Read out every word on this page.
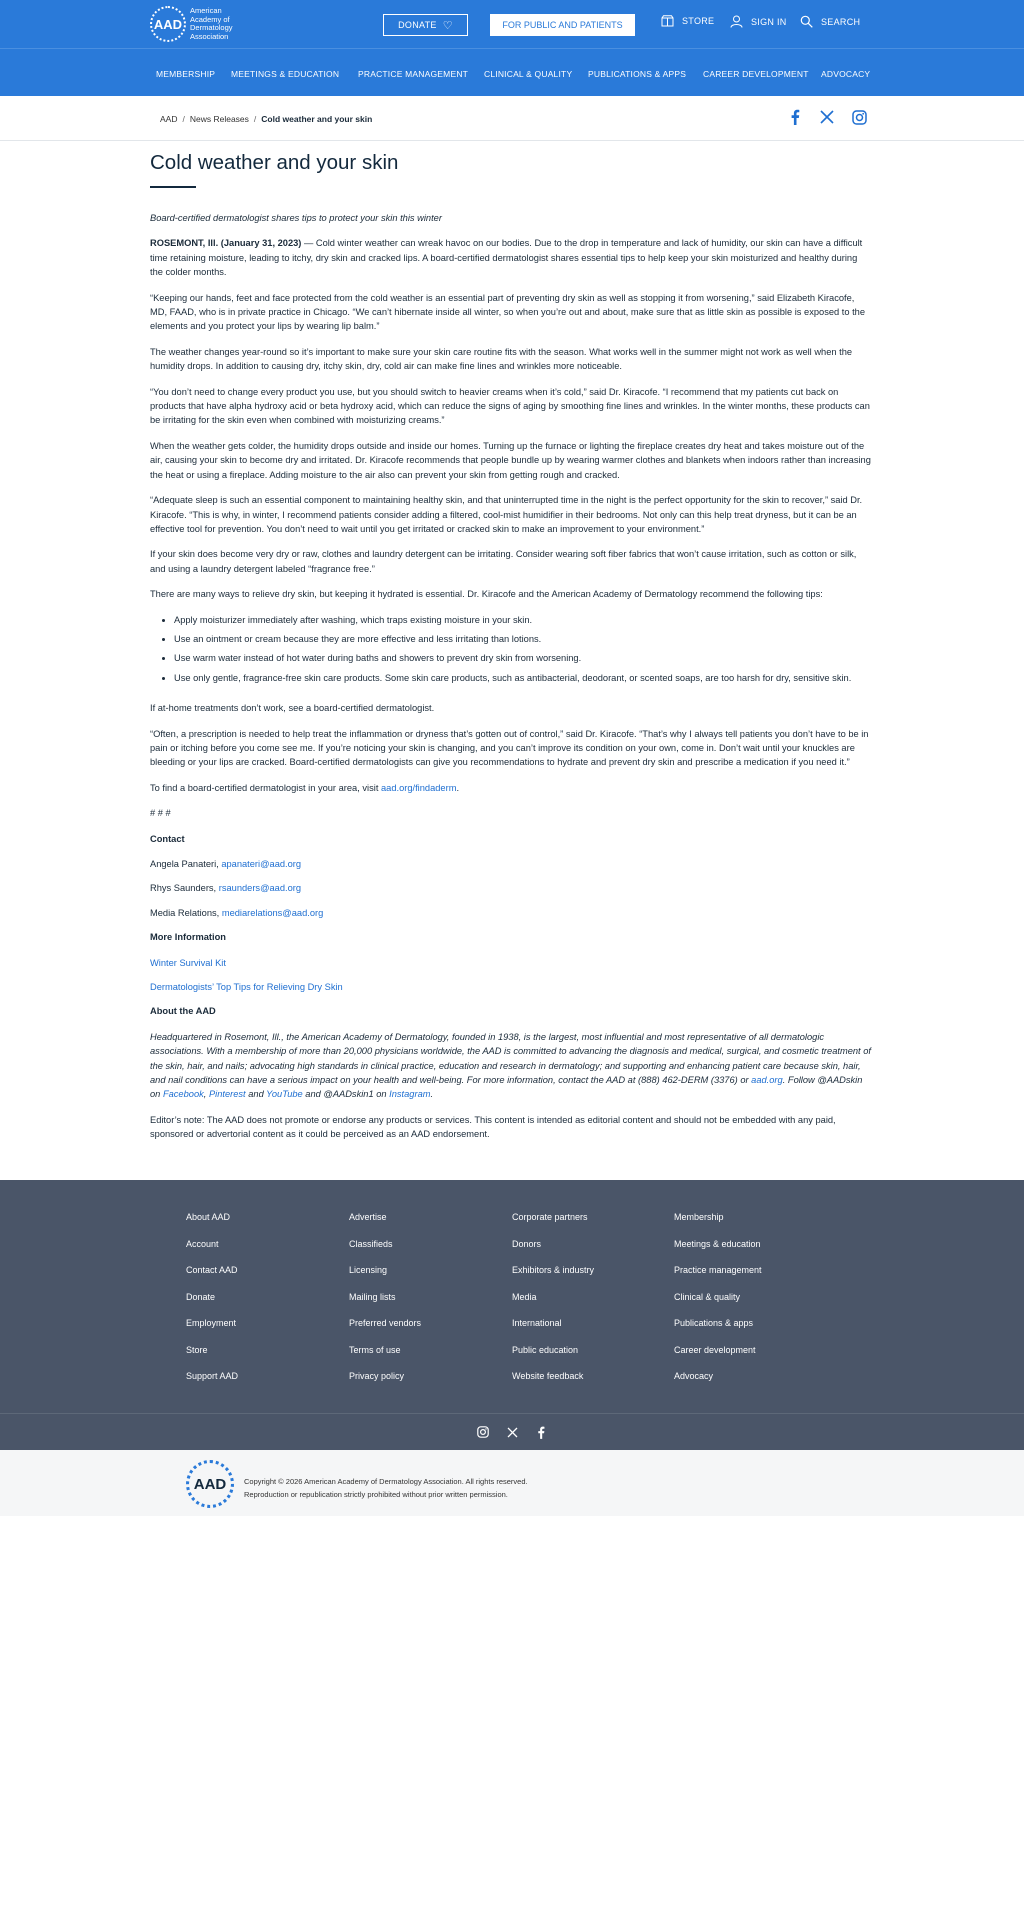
AAD
American Academy of Dermatology Association
DONATE ♡	FOR PUBLIC AND PATIENTS	STORE	SIGN IN	SEARCH
MEMBERSHIP MEETINGS & EDUCATION PRACTICE MANAGEMENT CLINICAL & QUALITY PUBLICATIONS & APPS CAREER DEVELOPMENT ADVOCACY
AAD / News Releases / Cold weather and your skin
Cold weather and your skin

Board-certified dermatologist shares tips to protect your skin this winter

ROSEMONT, Ill. (January 31, 2023) — Cold winter weather can wreak havoc on our bodies. Due to the drop in temperature and lack of humidity, our skin can have a difficult time retaining moisture, leading to itchy, dry skin and cracked lips. A board-certified dermatologist shares essential tips to help keep your skin moisturized and healthy during the colder months.

“Keeping our hands, feet and face protected from the cold weather is an essential part of preventing dry skin as well as stopping it from worsening,” said Elizabeth Kiracofe, MD, FAAD, who is in private practice in Chicago. “We can’t hibernate inside all winter, so when you’re out and about, make sure that as little skin as possible is exposed to the elements and you protect your lips by wearing lip balm.”

The weather changes year-round so it’s important to make sure your skin care routine fits with the season. What works well in the summer might not work as well when the humidity drops. In addition to causing dry, itchy skin, dry, cold air can make fine lines and wrinkles more noticeable.

“You don’t need to change every product you use, but you should switch to heavier creams when it’s cold,” said Dr. Kiracofe. “I recommend that my patients cut back on products that have alpha hydroxy acid or beta hydroxy acid, which can reduce the signs of aging by smoothing fine lines and wrinkles. In the winter months, these products can be irritating for the skin even when combined with moisturizing creams.”

When the weather gets colder, the humidity drops outside and inside our homes. Turning up the furnace or lighting the fireplace creates dry heat and takes moisture out of the air, causing your skin to become dry and irritated. Dr. Kiracofe recommends that people bundle up by wearing warmer clothes and blankets when indoors rather than increasing the heat or using a fireplace. Adding moisture to the air also can prevent your skin from getting rough and cracked.

“Adequate sleep is such an essential component to maintaining healthy skin, and that uninterrupted time in the night is the perfect opportunity for the skin to recover,” said Dr. Kiracofe. “This is why, in winter, I recommend patients consider adding a filtered, cool-mist humidifier in their bedrooms. Not only can this help treat dryness, but it can be an effective tool for prevention. You don’t need to wait until you get irritated or cracked skin to make an improvement to your environment.”

If your skin does become very dry or raw, clothes and laundry detergent can be irritating. Consider wearing soft fiber fabrics that won’t cause irritation, such as cotton or silk, and using a laundry detergent labeled “fragrance free.”

There are many ways to relieve dry skin, but keeping it hydrated is essential. Dr. Kiracofe and the American Academy of Dermatology recommend the following tips:

• Apply moisturizer immediately after washing, which traps existing moisture in your skin.
• Use an ointment or cream because they are more effective and less irritating than lotions.
• Use warm water instead of hot water during baths and showers to prevent dry skin from worsening.
• Use only gentle, fragrance-free skin care products. Some skin care products, such as antibacterial, deodorant, or scented soaps, are too harsh for dry, sensitive skin.

If at-home treatments don’t work, see a board-certified dermatologist.

“Often, a prescription is needed to help treat the inflammation or dryness that’s gotten out of control,” said Dr. Kiracofe. “That’s why I always tell patients you don’t have to be in pain or itching before you come see me. If you’re noticing your skin is changing, and you can’t improve its condition on your own, come in. Don’t wait until your knuckles are bleeding or your lips are cracked. Board-certified dermatologists can give you recommendations to hydrate and prevent dry skin and prescribe a medication if you need it.”

To find a board-certified dermatologist in your area, visit aad.org/findaderm.

# # #

Contact

Angela Panateri, apanateri@aad.org

Rhys Saunders, rsaunders@aad.org

Media Relations, mediarelations@aad.org

More Information

Winter Survival Kit

Dermatologists’ Top Tips for Relieving Dry Skin

About the AAD

Headquartered in Rosemont, Ill., the American Academy of Dermatology, founded in 1938, is the largest, most influential and most representative of all dermatologic associations. With a membership of more than 20,000 physicians worldwide, the AAD is committed to advancing the diagnosis and medical, surgical, and cosmetic treatment of the skin, hair, and nails; advocating high standards in clinical practice, education and research in dermatology; and supporting and enhancing patient care because skin, hair, and nail conditions can have a serious impact on your health and well-being. For more information, contact the AAD at (888) 462-DERM (3376) or aad.org. Follow @AADskin on Facebook, Pinterest and YouTube and @AADskin1 on Instagram.

Editor’s note: The AAD does not promote or endorse any products or services. This content is intended as editorial content and should not be embedded with any paid, sponsored or advertorial content as it could be perceived as an AAD endorsement.

About AAD
Account
Contact AAD
Donate
Employment
Store
Support AAD
Advertise
Classifieds
Licensing
Mailing lists
Preferred vendors
Terms of use
Privacy policy
Corporate partners
Donors
Exhibitors & industry
Media
International
Public education
Website feedback
Membership
Meetings & education
Practice management
Clinical & quality
Publications & apps
Career development
Advocacy
AAD	Copyright © 2026 American Academy of Dermatology Association. All rights reserved.
Reproduction or republication strictly prohibited without prior written permission.
